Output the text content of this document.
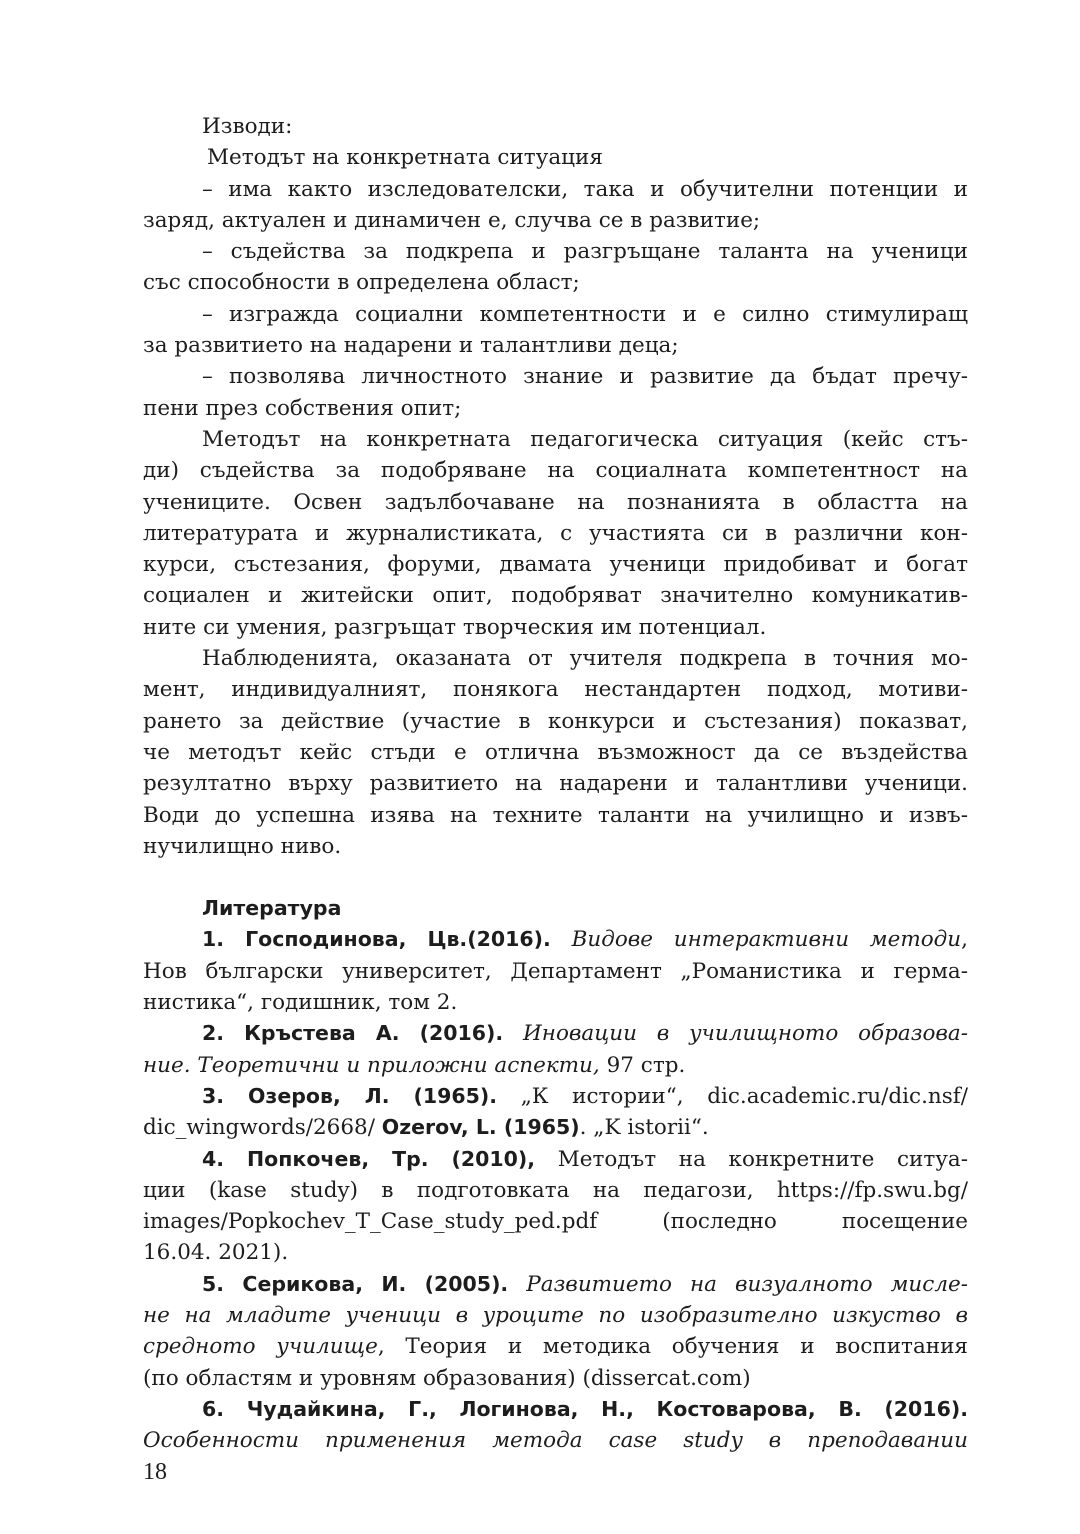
Изводи:
Методът на конкретната ситуация
– има както изследователски, така и обучителни потенции и
заряд, актуален и динамичен е, случва се в развитие;
– съдейства за подкрепа и разгръщане таланта на ученици
със способности в определена област;
– изгражда социални компетентности и е силно стимулиращ
за развитието на надарени и талантливи деца;
– позволява личностното знание и развитие да бъдат пречу-
пени през собствения опит;
Методът на конкретната педагогическа ситуация (кейс стъ-
ди) съдейства за подобряване на социалната компетентност на
учениците. Освен задълбочаване на познанията в областта на
литературата и журналистиката, с участията си в различни кон-
курси, състезания, форуми, двамата ученици придобиват и богат
социален и житейски опит, подобряват значително комуникатив-
ните си умения, разгръщат творческия им потенциал.
Наблюденията, оказаната от учителя подкрепа в точния мо-
мент, индивидуалният, понякога нестандартен подход, мотиви-
рането за действие (участие в конкурси и състезания) показват,
че методът кейс стъди е отлична възможност да се въздейства
резултатно върху развитието на надарени и талантливи ученици.
Води до успешна изява на техните таланти на училищно и извъ-
нучилищно ниво.
Литература
1. Господинова, Цв.(2016). Видове интерактивни методи,
Нов български университет, Департамент „Романистика и герма-
нистика“, годишник, том 2.
2. Кръстева А. (2016). Иновации в училищното образова-
ние. Теоретични и приложни аспекти, 97 стр.
3. Озеров, Л. (1965). „К истории“, dic.academic.ru/dic.nsf/
dic_wingwords/2668/ Ozerov, L. (1965). „K istorii“.
4. Попкочев, Тр. (2010), Методът на конкретните ситуа-
ции (kase study) в подготовката на педагози, https://fp.swu.bg/
images/Popkochev_T_Case_study_ped.pdf (последно посещение
16.04. 2021).
5. Серикова, И. (2005). Развитието на визуалното мисле-
не на младите ученици в уроците по изобразително изкуство в
средното училище, Теория и методика обучения и воспитания
(по областям и уровням образования) (dissercat.com)
6. Чудайкина, Г., Логинова, Н., Костоварова, В. (2016).
Особенности применения метода case study в преподавании
18
